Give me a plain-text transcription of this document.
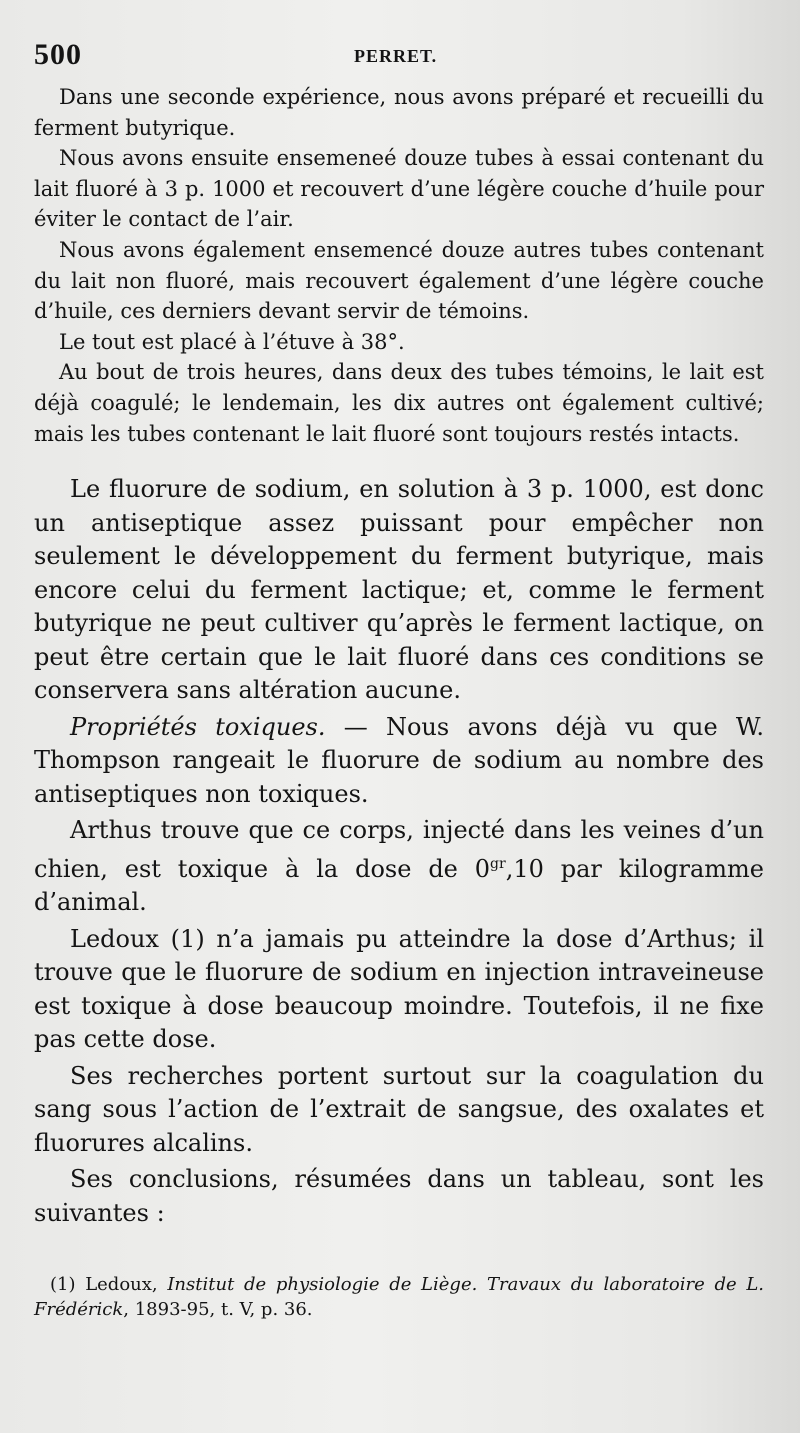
500	PERRET.

Dans une seconde expérience, nous avons préparé et recueilli du ferment butyrique.

Nous avons ensuite ensemeneé douze tubes à essai contenant du lait fluoré à 3 p. 1000 et recouvert d’une légère couche d’huile pour éviter le contact de l’air.

Nous avons également ensemencé douze autres tubes contenant du lait non fluoré, mais recouvert également d’une légère couche d’huile, ces derniers devant servir de témoins.

Le tout est placé à l’étuve à 38°.

Au bout de trois heures, dans deux des tubes témoins, le lait est déjà coagulé; le lendemain, les dix autres ont également cultivé; mais les tubes contenant le lait fluoré sont toujours restés intacts.

Le fluorure de sodium, en solution à 3 p. 1000, est donc un antiseptique assez puissant pour empêcher non seulement le développement du ferment butyrique, mais encore celui du ferment lactique; et, comme le ferment butyrique ne peut cultiver qu’après le ferment lactique, on peut être certain que le lait fluoré dans ces conditions se conservera sans altération aucune.

Propriétés toxiques. — Nous avons déjà vu que W. Thompson rangeait le fluorure de sodium au nombre des antiseptiques non toxiques.

Arthus trouve que ce corps, injecté dans les veines d’un chien, est toxique à la dose de $0^{gr},10$ par kilogramme d’animal.

Ledoux (1) n’a jamais pu atteindre la dose d’Arthus; il trouve que le fluorure de sodium en injection intraveineuse est toxique à dose beaucoup moindre. Toutefois, il ne fixe pas cette dose.

Ses recherches portent surtout sur la coagulation du sang sous l’action de l’extrait de sangsue, des oxalates et fluorures alcalins.

Ses conclusions, résumées dans un tableau, sont les suivantes :

(1) Ledoux, Institut de physiologie de Liège. Travaux du laboratoire de L. Frédérick, 1893-95, t. V, p. 36.
